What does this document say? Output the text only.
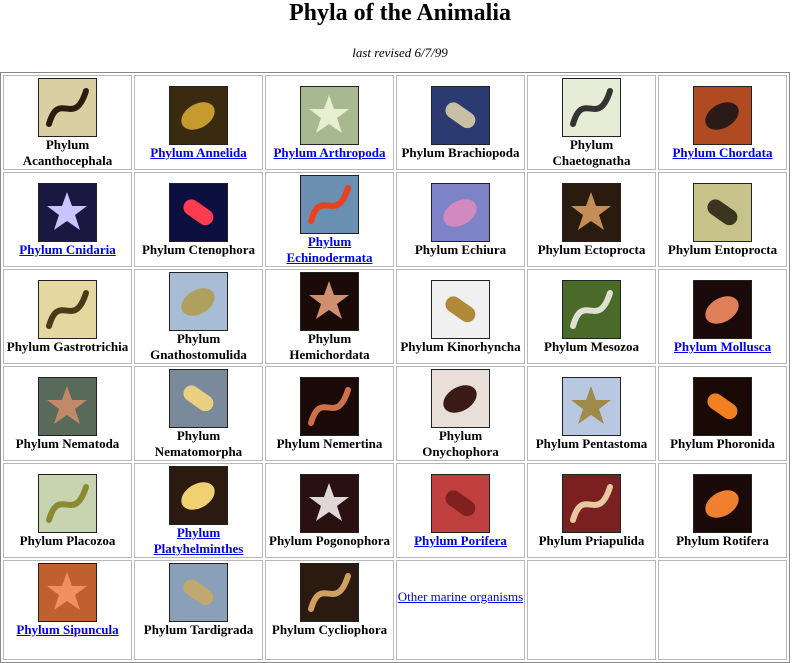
Phyla of the Animalia
last revised 6/7/99
Phylum Acanthocephala	Phylum Annelida	Phylum Arthropoda	Phylum Brachiopoda	Phylum Chaetognatha	Phylum Chordata

Phylum Cnidaria	Phylum Ctenophora	Phylum Echinodermata	Phylum Echiura	Phylum Ectoprocta	Phylum Entoprocta

Phylum Gastrotrichia	Phylum Gnathostomulida	Phylum Hemichordata	Phylum Kinorhyncha	Phylum Mesozoa	Phylum Mollusca

Phylum Nematoda	Phylum Nematomorpha	Phylum Nemertina	Phylum Onychophora	Phylum Pentastoma	Phylum Phoronida

Phylum Placozoa	Phylum Platyhelminthes	Phylum Pogonophora	Phylum Porifera	Phylum Priapulida	Phylum Rotifera

Phylum Sipuncula	Phylum Tardigrada	Phylum Cycliophora	Other marine organisms		
